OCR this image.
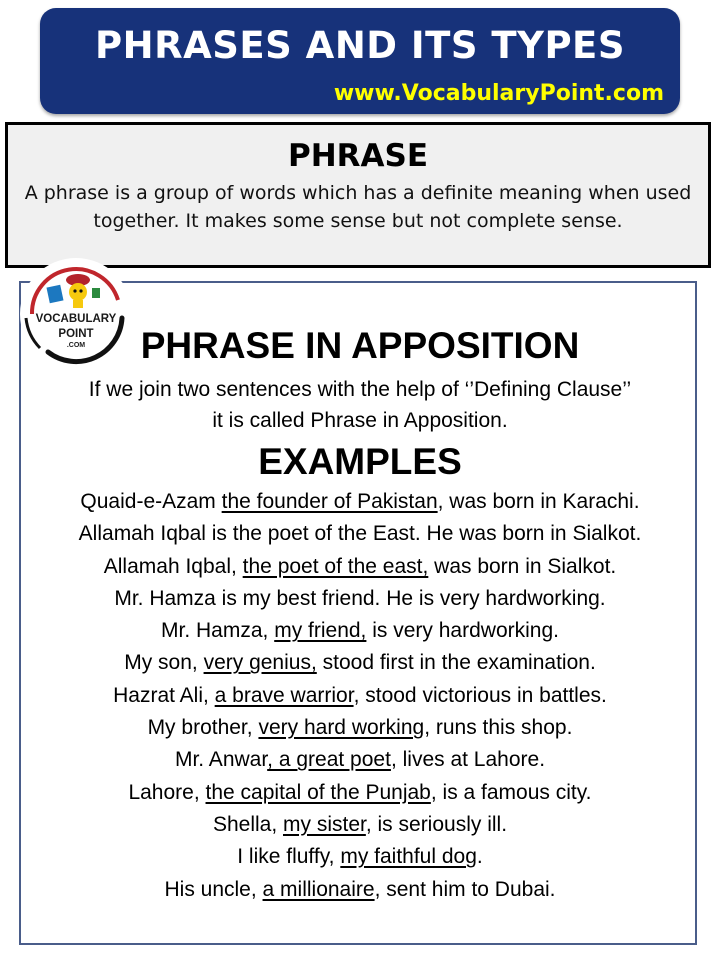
PHRASES AND ITS TYPES
www.VocabularyPoint.com
PHRASE
A phrase is a group of words which has a definite meaning when used together. It makes some sense but not complete sense.
VOCABULARY
POINT
.COM	PHRASE IN APPOSITION
If we join two sentences with the help of ‘’Defining Clause’’
it is called Phrase in Apposition.
EXAMPLES
Quaid-e-Azam the founder of Pakistan, was born in Karachi.
Allamah Iqbal is the poet of the East. He was born in Sialkot.
Allamah Iqbal, the poet of the east, was born in Sialkot.
Mr. Hamza is my best friend. He is very hardworking.
Mr. Hamza, my friend, is very hardworking.
My son, very genius, stood first in the examination.
Hazrat Ali, a brave warrior, stood victorious in battles.
My brother, very hard working, runs this shop.
Mr. Anwar, a great poet, lives at Lahore.
Lahore, the capital of the Punjab, is a famous city.
Shella, my sister, is seriously ill.
I like fluffy, my faithful dog.
His uncle, a millionaire, sent him to Dubai.
